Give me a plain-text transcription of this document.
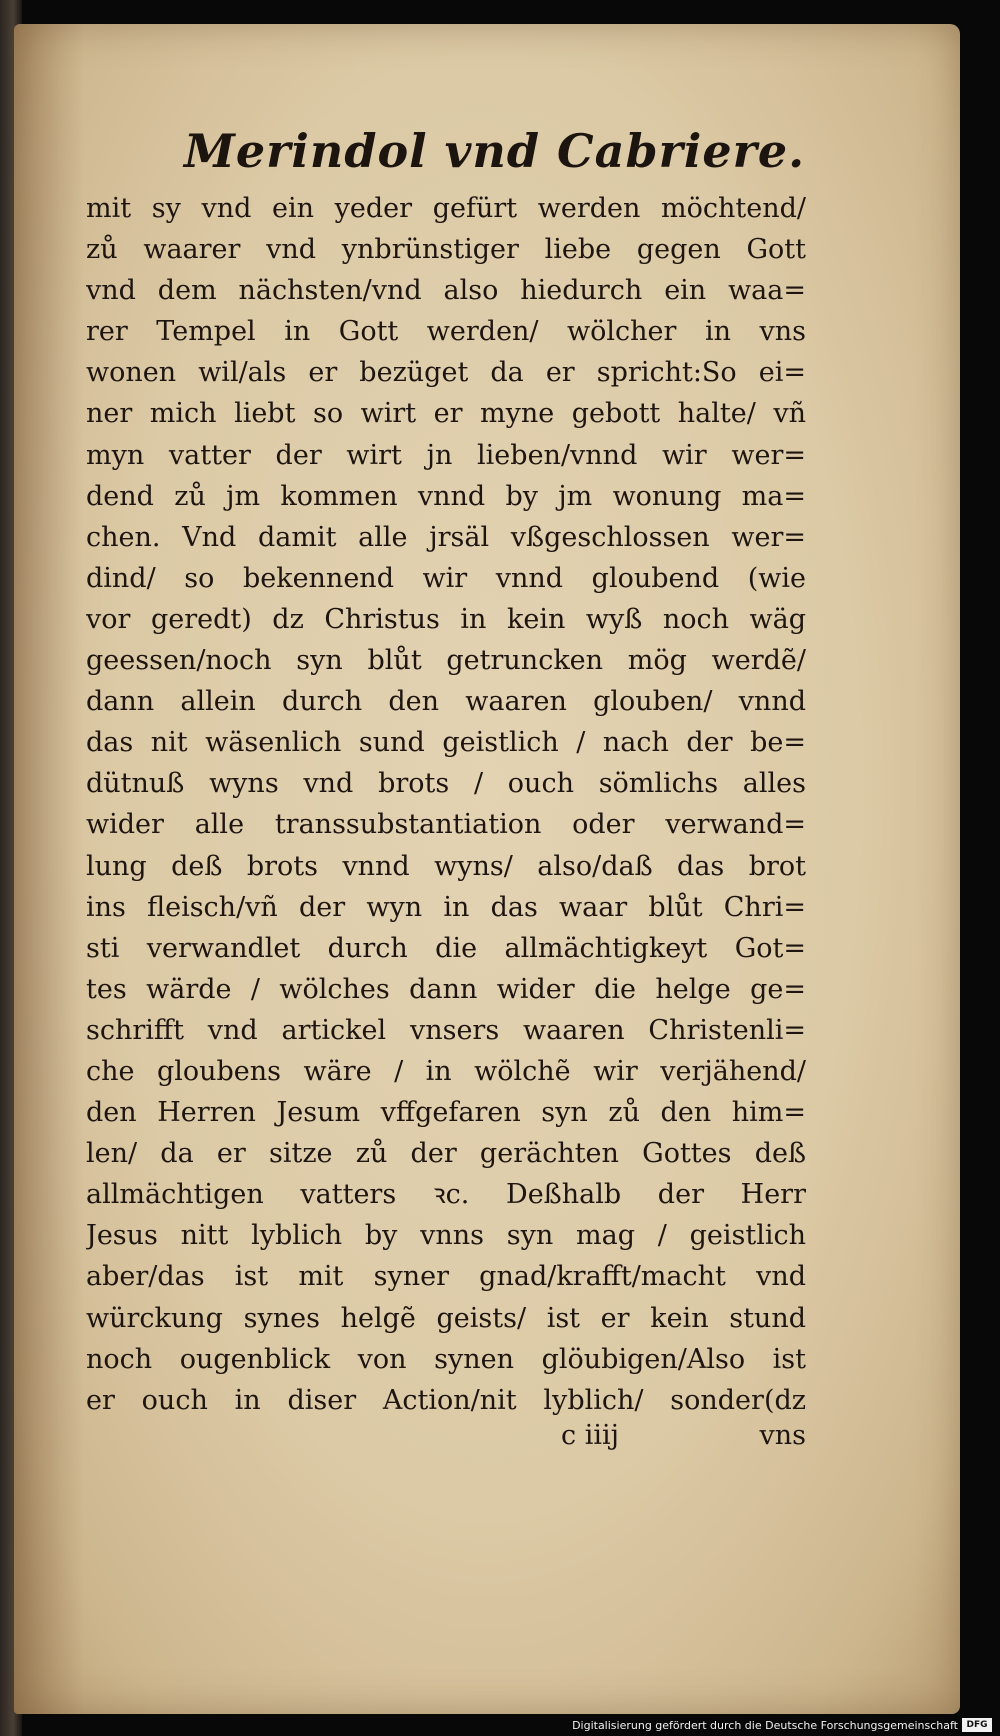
Merindol vnd Cabriere.
mit sy vnd ein yeder gefürt werden möchtend/
zů waarer vnd ynbrünstiger liebe gegen Gott
vnd dem nächsten/vnd also hiedurch ein waa=
rer Tempel in Gott werden/ wölcher in vns
wonen wil/als er bezüget da er spricht:So ei=
ner mich liebt so wirt er myne gebott halte/ vñ
myn vatter der wirt jn lieben/vnnd wir wer=
dend zů jm kommen vnnd by jm wonung ma=
chen. Vnd damit alle jrsäl vßgeschlossen wer=
dind/ so bekennend wir vnnd gloubend (wie
vor geredt) dz Christus in kein wyß noch wäg
geessen/noch syn blůt getruncken mög werdẽ/
dann allein durch den waaren glouben/ vnnd
das nit wäsenlich sund geistlich / nach der be=
dütnuß wyns vnd brots / ouch sömlichs alles
wider alle transsubstantiation oder verwand=
lung deß brots vnnd wyns/ also/daß das brot
ins fleisch/vñ der wyn in das waar blůt Chri=
sti verwandlet durch die allmächtigkeyt Got=
tes wärde / wölches dann wider die helge ge=
schrifft vnd artickel vnsers waaren Christenli=
che gloubens wäre / in wölchẽ wir verjähend/
den Herren Jesum vffgefaren syn zů den him=
len/ da er sitze zů der gerächten Gottes deß
allmächtigen vatters ꝛc. Deßhalb der Herr
Jesus nitt lyblich by vnns syn mag / geistlich
aber/das ist mit syner gnad/krafft/macht vnd
würckung synes helgẽ geists/ ist er kein stund
noch ougenblick von synen glöubigen/Also ist
er ouch in diser Action/nit lyblich/ sonder(dz
c iiij	vns
Digitalisierung gefördert durch die Deutsche Forschungsgemeinschaft DFG
